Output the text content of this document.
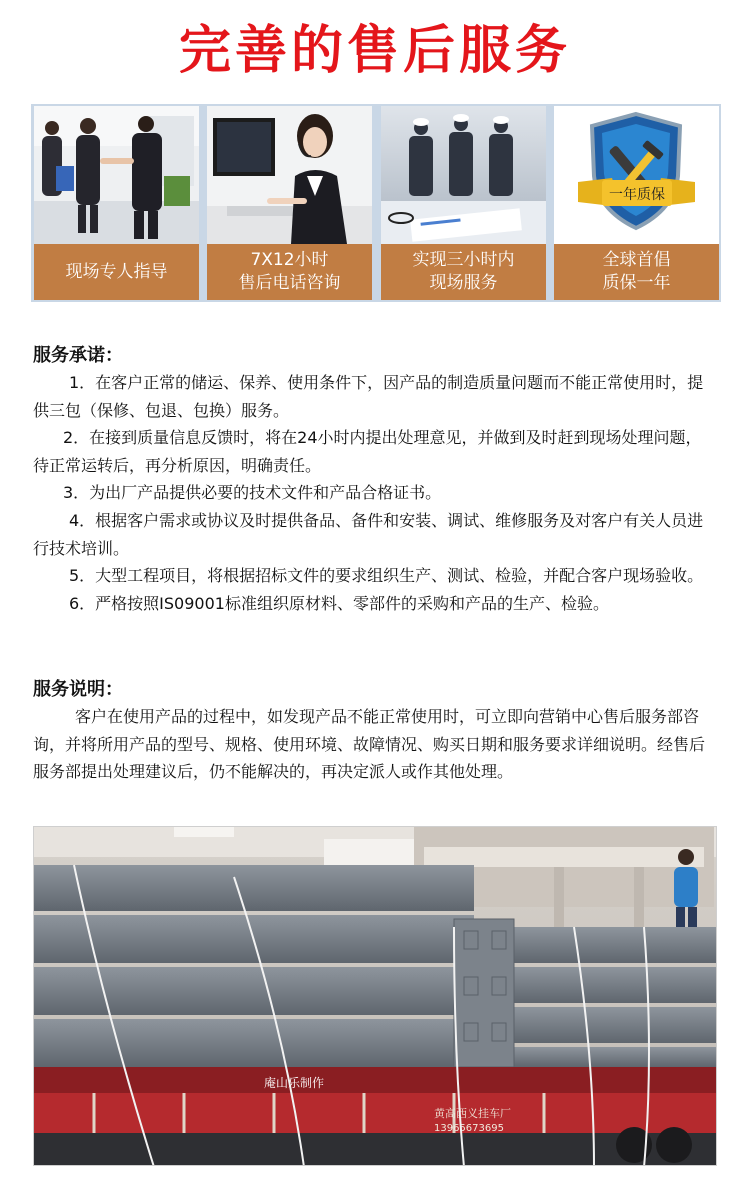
完善的售后服务
现场专人指导
7X12小时
售后电话咨询
实现三小时内
现场服务
一年质保
全球首倡
质保一年
服务承诺：

1．在客户正常的储运、保养、使用条件下，因产品的制造质量问题而不能正常使用时，提供三包（保修、包退、包换）服务。

2．在接到质量信息反馈时，将在24小时内提出处理意见，并做到及时赶到现场处理问题，待正常运转后，再分析原因，明确责任。

3．为出厂产品提供必要的技术文件和产品合格证书。

4．根据客户需求或协议及时提供备品、备件和安装、调试、维修服务及对客户有关人员进行技术培训。

5．大型工程项目，将根据招标文件的要求组织生产、测试、检验，并配合客户现场验收。

6．严格按照IS09001标准组织原材料、零部件的采购和产品的生产、检验。

服务说明：

客户在使用产品的过程中，如发现产品不能正常使用时，可立即向营销中心售后服务部咨询，并将所用产品的型号、规格、使用环境、故障情况、购买日期和服务要求详细说明。经售后服务部提出处理建议后，仍不能解决的，再决定派人或作其他处理。

庵山乐制作
黄高西义挂车厂
13965673695
